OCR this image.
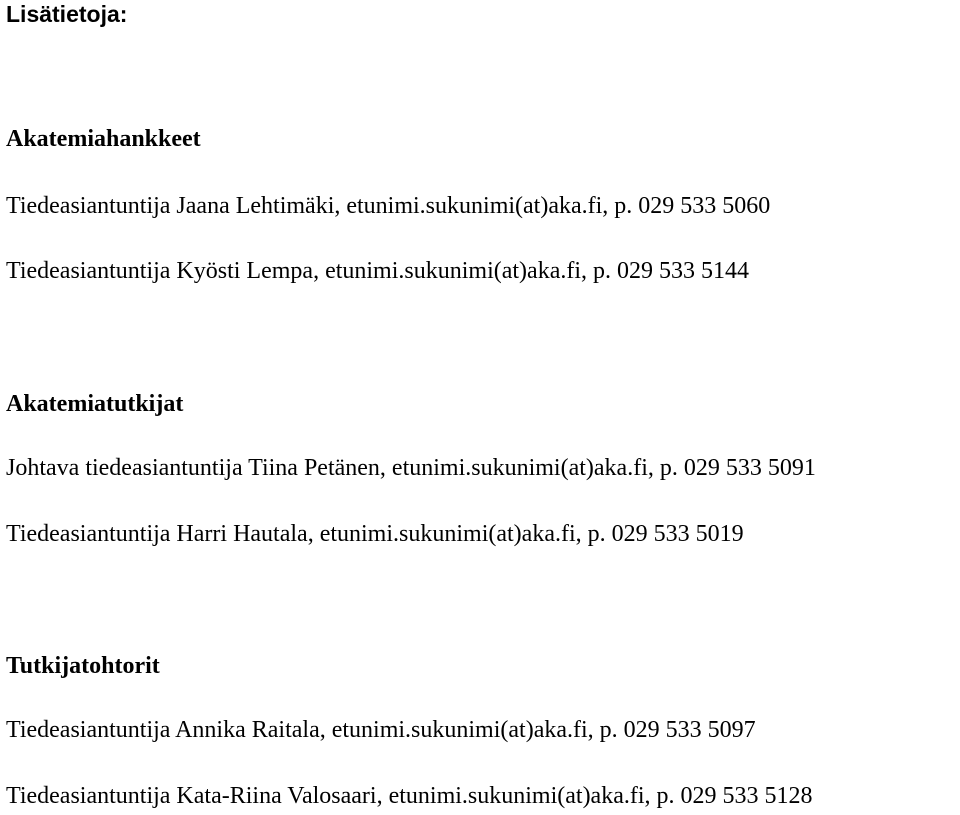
Lisätietoja:
Akatemiahankkeet

Tiedeasiantuntija Jaana Lehtimäki, etunimi.sukunimi(at)aka.fi, p. 029 533 5060

Tiedeasiantuntija Kyösti Lempa, etunimi.sukunimi(at)aka.fi, p. 029 533 5144

Akatemiatutkijat

Johtava tiedeasiantuntija Tiina Petänen, etunimi.sukunimi(at)aka.fi, p. 029 533 5091

Tiedeasiantuntija Harri Hautala, etunimi.sukunimi(at)aka.fi, p. 029 533 5019

Tutkijatohtorit

Tiedeasiantuntija Annika Raitala, etunimi.sukunimi(at)aka.fi, p. 029 533 5097

Tiedeasiantuntija Kata-Riina Valosaari, etunimi.sukunimi(at)aka.fi, p. 029 533 5128
